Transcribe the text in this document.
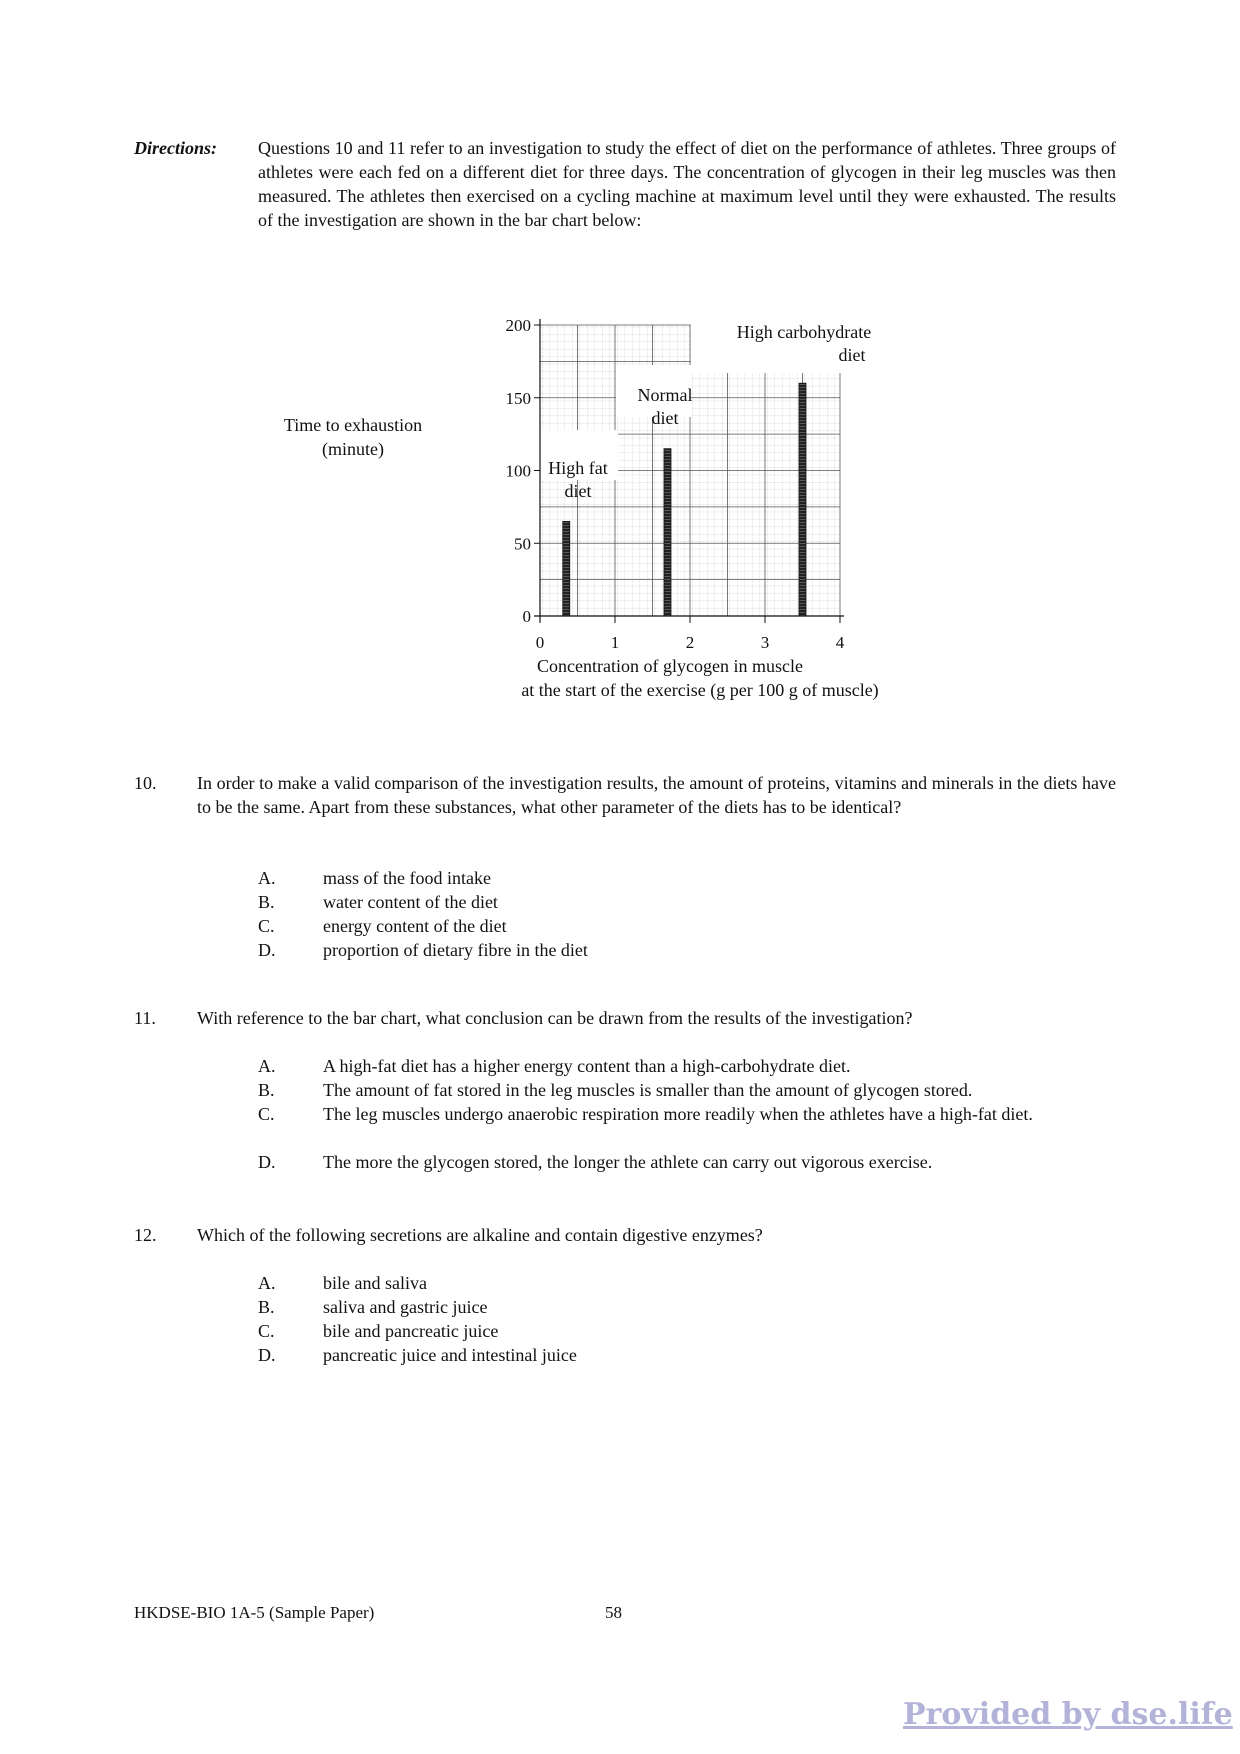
Directions: Questions 10 and 11 refer to an investigation to study the effect of diet on the performance of athletes. Three groups of athletes were each fed on a different diet for three days. The concentration of glycogen in their leg muscles was then measured. The athletes then exercised on a cycling machine at maximum level until they were exhausted. The results of the investigation are shown in the bar chart below:
0
50
100
150
200
0	1	2	3	4
Time to exhaustion
(minute)
Concentration of glycogen in muscle
at the start of the exercise (g per 100 g of muscle)
High fat
diet
Normal
diet
High carbohydrate
diet
10. In order to make a valid comparison of the investigation results, the amount of proteins, vitamins and minerals in the diets have to be the same. Apart from these substances, what other parameter of the diets has to be identical?
A.	mass of the food intake
B.	water content of the diet
C.	energy content of the diet
D.	proportion of dietary fibre in the diet
11. With reference to the bar chart, what conclusion can be drawn from the results of the investigation?
A.	A high-fat diet has a higher energy content than a high-carbohydrate diet.
B.	The amount of fat stored in the leg muscles is smaller than the amount of glycogen stored.
C.	The leg muscles undergo anaerobic respiration more readily when the athletes have a high-fat diet.
D.	The more the glycogen stored, the longer the athlete can carry out vigorous exercise.
12. Which of the following secretions are alkaline and contain digestive enzymes?
A.	bile and saliva
B.	saliva and gastric juice
C.	bile and pancreatic juice
D.	pancreatic juice and intestinal juice
HKDSE-BIO 1A-5 (Sample Paper)	58
Provided by dse.life
